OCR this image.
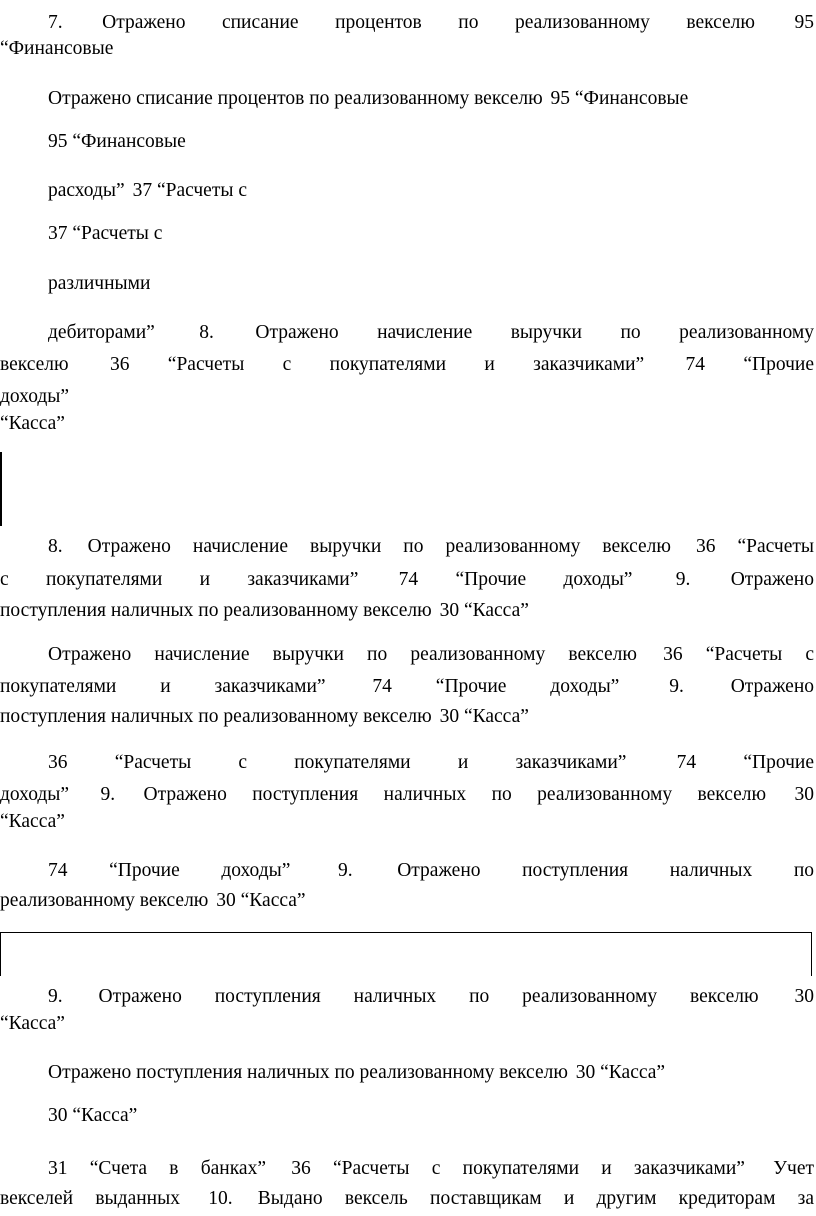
7. Отражено списание процентов по реализованному векселю 95
“Финансовые
Отражено списание процентов по реализованному векселю 95 “Финансовые
95 “Финансовые
расходы” 37 “Расчеты с
37 “Расчеты с
различными
дебиторами” 8. Отражено начисление выручки по реализованному
векселю 36 “Расчеты с покупателями и заказчиками” 74 “Прочие
доходы”
“Касса”
8. Отражено начисление выручки по реализованному векселю 36 “Расчеты
с покупателями и заказчиками” 74 “Прочие доходы” 9. Отражено
поступления наличных по реализованному векселю 30 “Касса”
Отражено начисление выручки по реализованному векселю 36 “Расчеты с
покупателями и заказчиками” 74 “Прочие доходы”	9. Отражено
поступления наличных по реализованному векселю 30 “Касса”
36 “Расчеты с покупателями и заказчиками”	74 “Прочие
доходы” 9. Отражено поступления наличных по реализованному векселю 30
“Касса”
74 “Прочие доходы” 9. Отражено поступления наличных по
реализованному векселю 30 “Касса”
9. Отражено поступления наличных по реализованному векселю 30
“Касса”
Отражено поступления наличных по реализованному векселю 30 “Касса”
30 “Касса”
31 “Счета в банках” 36 “Расчеты с покупателями и заказчиками” Учет
векселей выданных 10. Выдано вексель поставщикам и другим кредиторам за
